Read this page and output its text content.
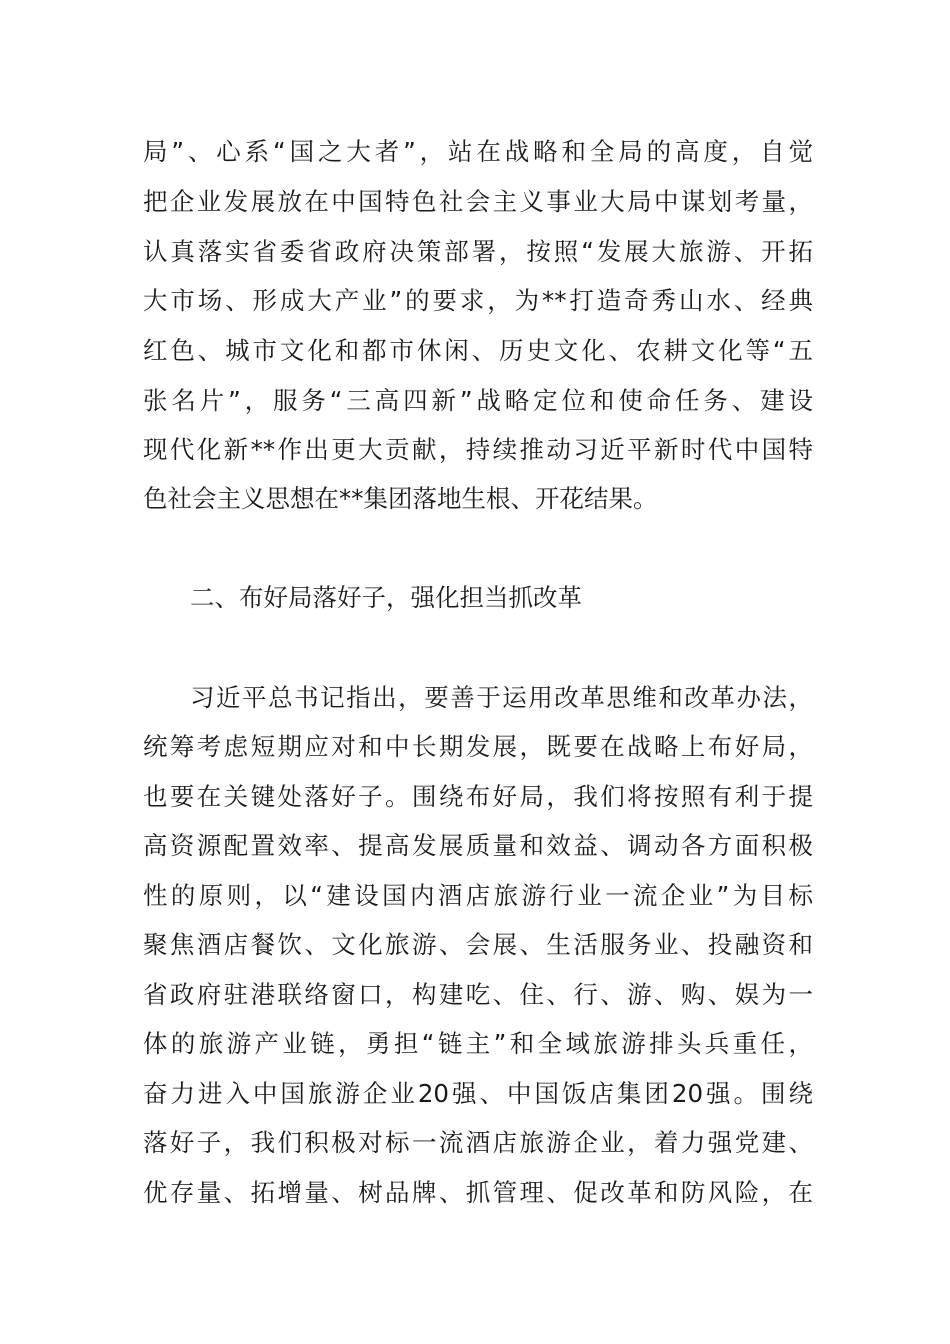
局”、心系“国之大者”，站在战略和全局的高度，自觉
把企业发展放在中国特色社会主义事业大局中谋划考量，
认真落实省委省政府决策部署，按照“发展大旅游、开拓
大市场、形成大产业”的要求，为**打造奇秀山水、经典
红色、城市文化和都市休闲、历史文化、农耕文化等“五
张名片”，服务“三高四新”战略定位和使命任务、建设
现代化新**作出更大贡献，持续推动习近平新时代中国特
色社会主义思想在**集团落地生根、开花结果。
二、布好局落好子，强化担当抓改革
习近平总书记指出，要善于运用改革思维和改革办法，
统筹考虑短期应对和中长期发展，既要在战略上布好局，
也要在关键处落好子。围绕布好局，我们将按照有利于提
高资源配置效率、提高发展质量和效益、调动各方面积极
性的原则，以“建设国内酒店旅游行业一流企业”为目标
聚焦酒店餐饮、文化旅游、会展、生活服务业、投融资和
省政府驻港联络窗口，构建吃、住、行、游、购、娱为一
体的旅游产业链，勇担“链主”和全域旅游排头兵重任，
奋力进入中国旅游企业20强、中国饭店集团20强。围绕
落好子，我们积极对标一流酒店旅游企业，着力强党建、
优存量、拓增量、树品牌、抓管理、促改革和防风险，在
